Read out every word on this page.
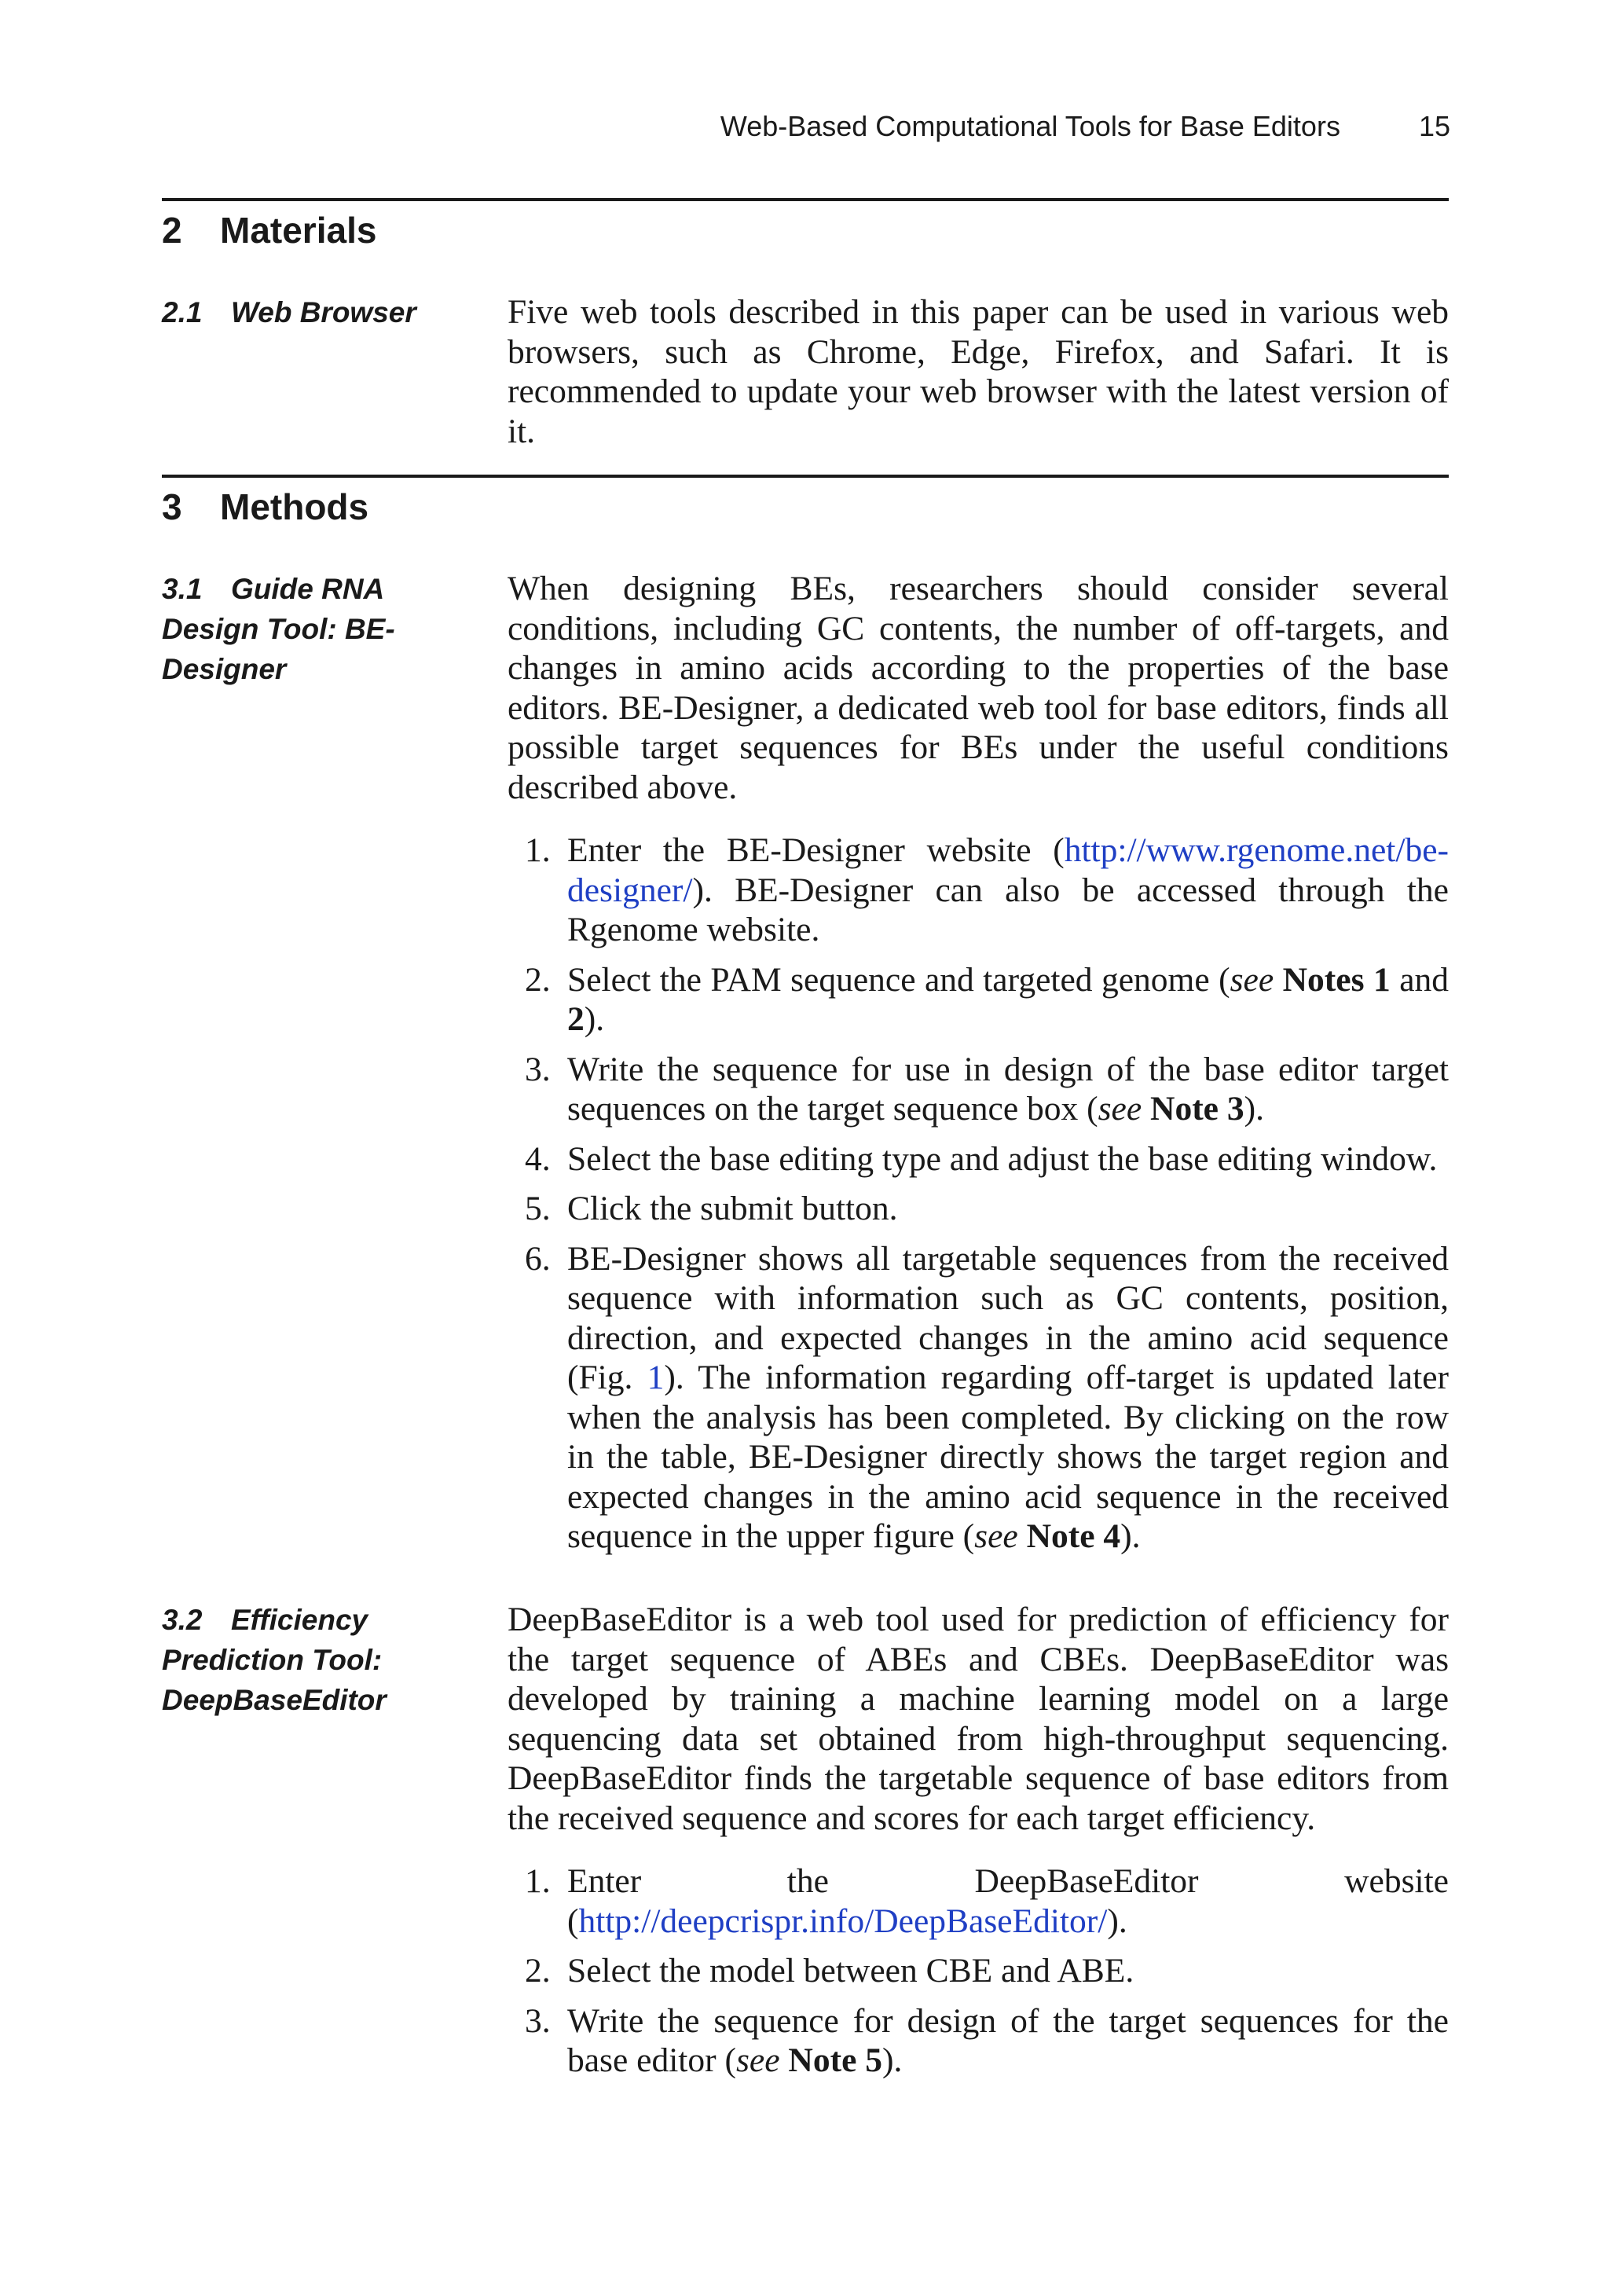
Web-Based Computational Tools for Base Editors	15
2 Materials
2.1 Web Browser	Five web tools described in this paper can be used in various web browsers, such as Chrome, Edge, Firefox, and Safari. It is recommended to update your web browser with the latest version of it.

3 Methods
3.1 Guide RNA
Design Tool: BE-
Designer

When designing BEs, researchers should consider several conditions, including GC contents, the number of off-targets, and changes in amino acids according to the properties of the base editors. BE-Designer, a dedicated web tool for base editors, finds all possible target sequences for BEs under the useful conditions described above.

1. Enter the BE-Designer website (http://www.rgenome.net/be-designer/). BE-Designer can also be accessed through the Rgenome website.
2. Select the PAM sequence and targeted genome (see Notes 1 and 2).
3. Write the sequence for use in design of the base editor target sequences on the target sequence box (see Note 3).
4. Select the base editing type and adjust the base editing window.
5. Click the submit button.
6. BE-Designer shows all targetable sequences from the received sequence with information such as GC contents, position, direction, and expected changes in the amino acid sequence (Fig. 1). The information regarding off-target is updated later when the analysis has been completed. By clicking on the row in the table, BE-Designer directly shows the target region and expected changes in the amino acid sequence in the received sequence in the upper figure (see Note 4).
3.2 Efficiency
Prediction Tool:
DeepBaseEditor

DeepBaseEditor is a web tool used for prediction of efficiency for the target sequence of ABEs and CBEs. DeepBaseEditor was developed by training a machine learning model on a large sequencing data set obtained from high-throughput sequencing. DeepBaseEditor finds the targetable sequence of base editors from the received sequence and scores for each target efficiency.

1. Enter the DeepBaseEditor website (http://deepcrispr.info/DeepBaseEditor/).
2. Select the model between CBE and ABE.
3. Write the sequence for design of the target sequences for the base editor (see Note 5).
